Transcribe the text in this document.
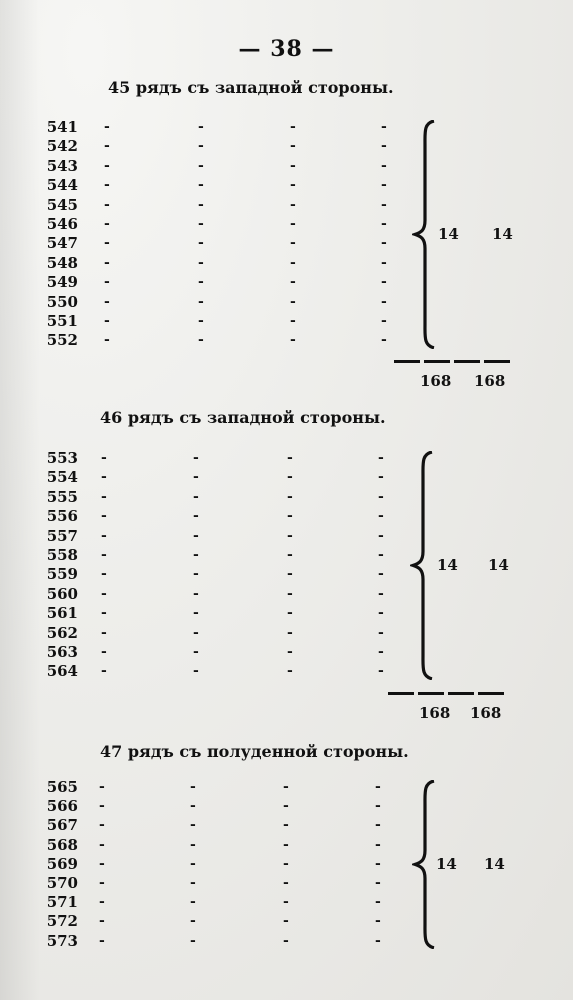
— 38 —
45 рядъ съ западной стороны.
46 рядъ съ западной стороны.
47 рядъ съ полуденной стороны.
541 -	-	-	-
542 -	-	-	-
543 -	-	-	-
544 -	-	-	-
545 -	-	-	-
546 -	-	-	-
547 -	-	-	-
548 -	-	-	-
549 -	-	-	-
550 -	-	-	-
551 -	-	-	-
552 -	-	-	-
14 14
168 168
553 -	-	-	-
554 -	-	-	-
555 -	-	-	-
556 -	-	-	-
557 -	-	-	-
558 -	-	-	-
559 -	-	-	-
560 -	-	-	-
561 -	-	-	-
562 -	-	-	-
563 -	-	-	-
564 -	-	-	-
14 14
168 168
565 -	-	-	-
566 -	-	-	-
567 -	-	-	-
568 -	-	-	-
569 -	-	-	-
570 -	-	-	-
571 -	-	-	-
572 -	-	-	-
573 -	-	-	-
14 14
